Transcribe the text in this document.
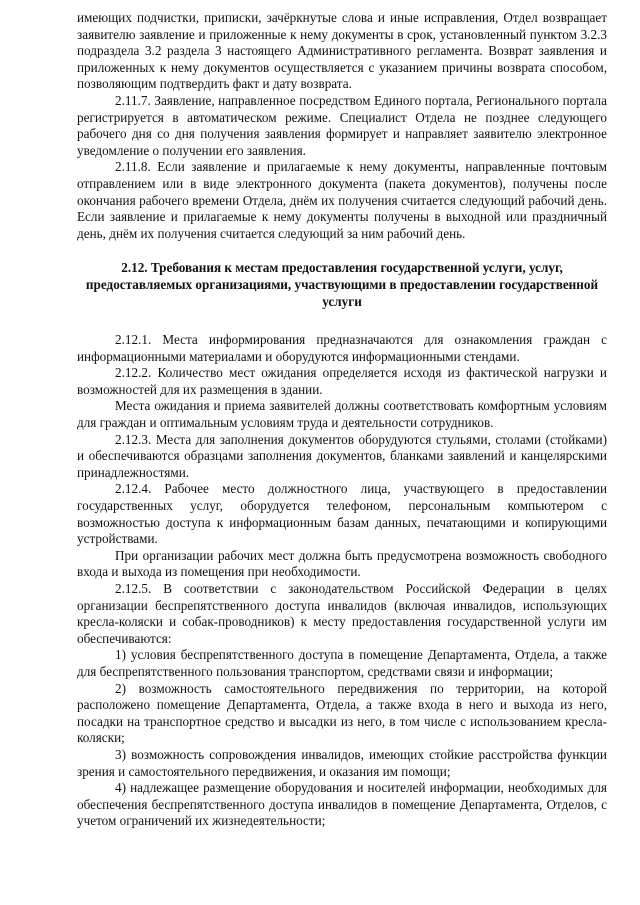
имеющих подчистки, приписки, зачёркнутые слова и иные исправления, Отдел возвращает заявителю заявление и приложенные к нему документы в срок, установленный пунктом 3.2.3 подраздела 3.2 раздела 3 настоящего Административного регламента. Возврат заявления и приложенных к нему документов осуществляется с указанием причины возврата способом, позволяющим подтвердить факт и дату возврата.

2.11.7. Заявление, направленное посредством Единого портала, Регионального портала регистрируется в автоматическом режиме. Специалист Отдела не позднее следующего рабочего дня со дня получения заявления формирует и направляет заявителю электронное уведомление о получении его заявления.

2.11.8. Если заявление и прилагаемые к нему документы, направленные почтовым отправлением или в виде электронного документа (пакета документов), получены после окончания рабочего времени Отдела, днём их получения считается следующий рабочий день. Если заявление и прилагаемые к нему документы получены в выходной или праздничный день, днём их получения считается следующий за ним рабочий день.

2.12. Требования к местам предоставления государственной услуги, услуг, предоставляемых организациями, участвующими в предоставлении государственной услуги

2.12.1. Места информирования предназначаются для ознакомления граждан с информационными материалами и оборудуются информационными стендами.

2.12.2. Количество мест ожидания определяется исходя из фактической нагрузки и возможностей для их размещения в здании.

Места ожидания и приема заявителей должны соответствовать комфортным условиям для граждан и оптимальным условиям труда и деятельности сотрудников.

2.12.3. Места для заполнения документов оборудуются стульями, столами (стойками) и обеспечиваются образцами заполнения документов, бланками заявлений и канцелярскими принадлежностями.

2.12.4. Рабочее место должностного лица, участвующего в предоставлении государственных услуг, оборудуется телефоном, персональным компьютером с возможностью доступа к информационным базам данных, печатающими и копирующими устройствами.

При организации рабочих мест должна быть предусмотрена возможность свободного входа и выхода из помещения при необходимости.

2.12.5. В соответствии с законодательством Российской Федерации в целях организации беспрепятственного доступа инвалидов (включая инвалидов, использующих кресла-коляски и собак-проводников) к месту предоставления государственной услуги им обеспечиваются:

1) условия беспрепятственного доступа в помещение Департамента, Отдела, а также для беспрепятственного пользования транспортом, средствами связи и информации;

2) возможность самостоятельного передвижения по территории, на которой расположено помещение Департамента, Отдела, а также входа в него и выхода из него, посадки на транспортное средство и высадки из него, в том числе с использованием кресла-коляски;

3) возможность сопровождения инвалидов, имеющих стойкие расстройства функции зрения и самостоятельного передвижения, и оказания им помощи;

4) надлежащее размещение оборудования и носителей информации, необходимых для обеспечения беспрепятственного доступа инвалидов в помещение Департамента, Отделов, с учетом ограничений их жизнедеятельности;
